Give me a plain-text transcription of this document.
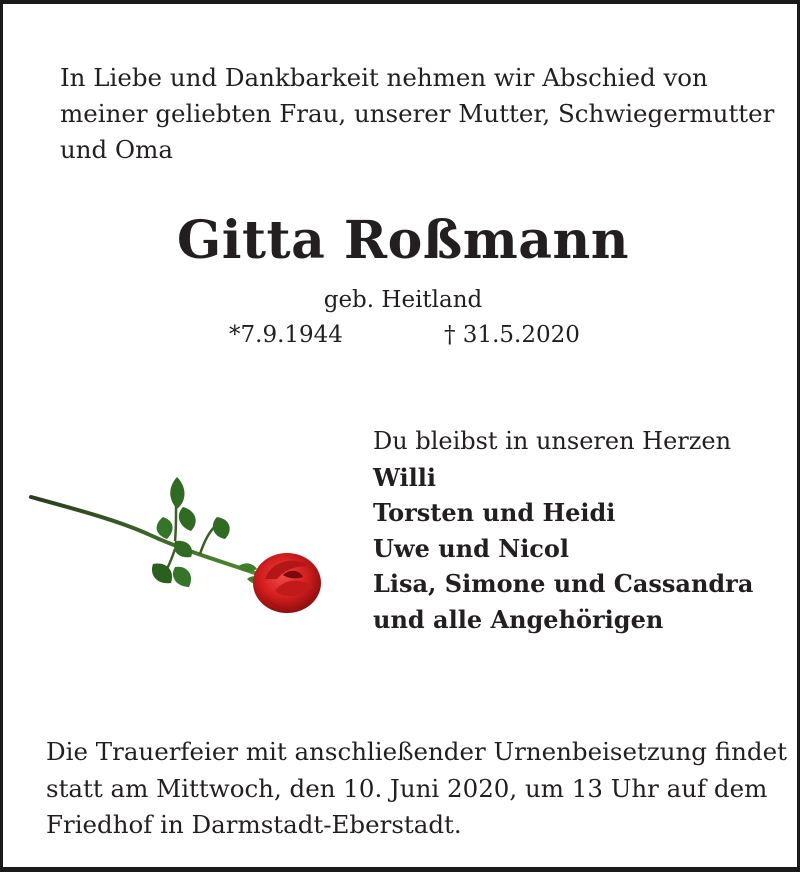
In Liebe und Dankbarkeit nehmen wir Abschied von
meiner geliebten Frau, unserer Mutter, Schwiegermutter
und Oma
Gitta Roßmann
geb. Heitland
*7.9.1944	† 31.5.2020
Du bleibst in unseren Herzen
Willi
Torsten und Heidi
Uwe und Nicol
Lisa, Simone und Cassandra
und alle Angehörigen
Die Trauerfeier mit anschließender Urnenbeisetzung findet
statt am Mittwoch, den 10. Juni 2020, um 13 Uhr auf dem
Friedhof in Darmstadt-Eberstadt.
